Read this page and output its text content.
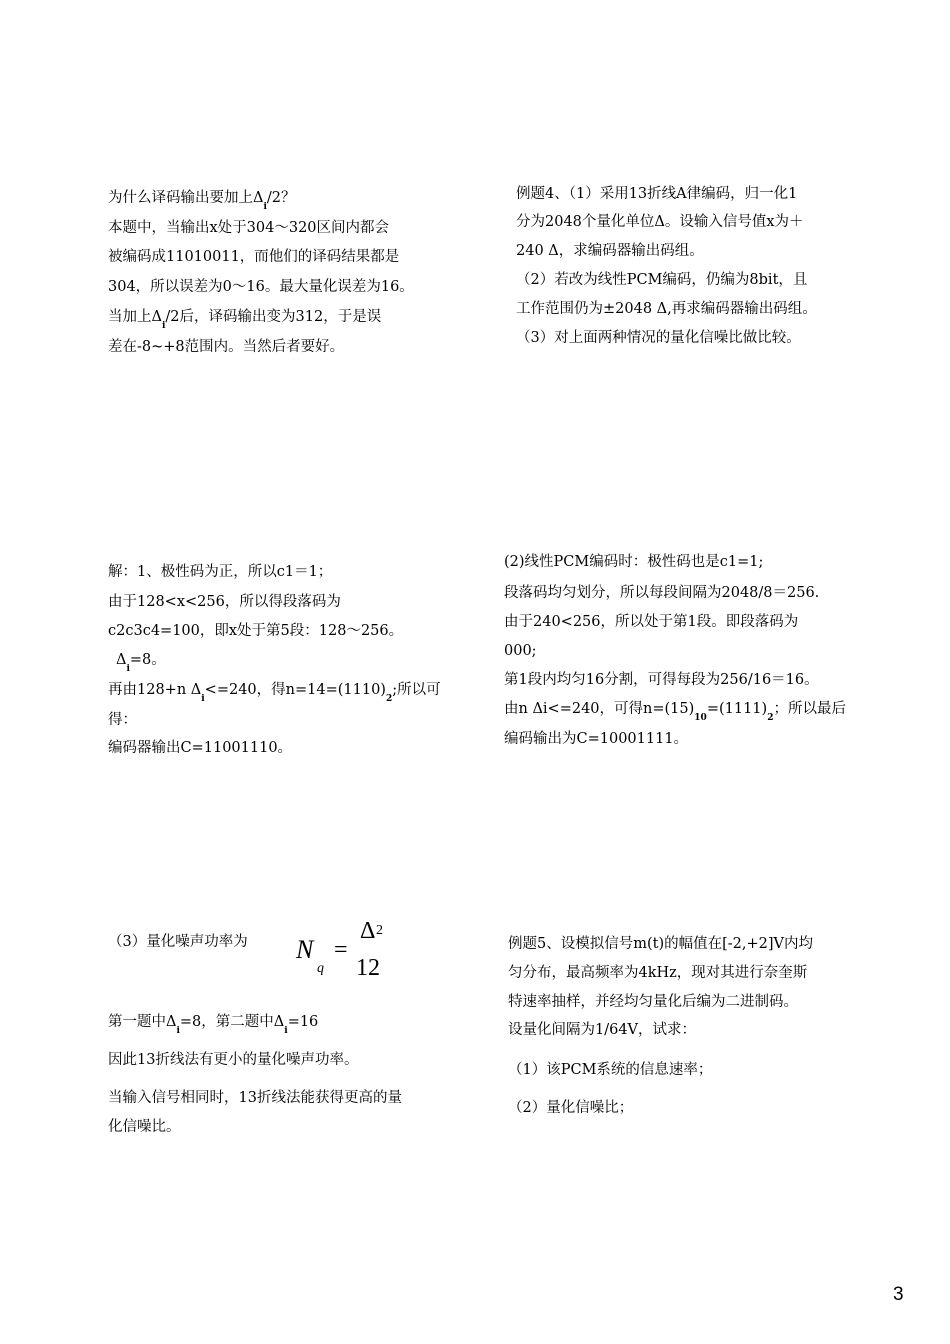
为什么译码输出要加上$\Delta_i/2$？
本题中，当输出x处于304～320区间内都会
被编码成11010011，而他们的译码结果都是
304，所以误差为0～16。最大量化误差为16。
当加上$\Delta_i/2$后，译码输出变为312，于是误
差在-8~+8范围内。当然后者要好。
例题4、（1）采用13折线A律编码，归一化1
分为2048个量化单位Δ。设输入信号值x为＋
240 Δ，求编码器输出码组。
（2）若改为线性PCM编码，仍编为8bit，且
工作范围仍为±2048 Δ,再求编码器输出码组。
（3）对上面两种情况的量化信噪比做比较。
解：1、极性码为正，所以c1＝1；
由于128<x<256，所以得段落码为
c2c3c4=100，即x处于第5段：128～256。
$\Delta_i=8$。
再由128+n $\Delta_i<=240$，得$n=14=(1110)_2$;所以可
得：
编码器输出C=11001110。
(2)线性PCM编码时：极性码也是c1=1;
段落码均匀划分，所以每段间隔为2048/8＝256.
由于240<256，所以处于第1段。即段落码为
000;
第1段内均匀16分割，可得每段为256/16＝16。
由n Δi<=240，可得$n=(15)_{10}=(1111)_2$；所以最后
编码输出为C=10001111。
（3）量化噪声功率为 N
q
=
Δ 2
12
第一题中$\Delta_i=8$，第二题中$\Delta_i=16$
因此13折线法有更小的量化噪声功率。
当输入信号相同时，13折线法能获得更高的量
化信噪比。
例题5、设模拟信号m(t)的幅值在[-2,+2]V内均
匀分布，最高频率为4kHz，现对其进行奈奎斯
特速率抽样，并经均匀量化后编为二进制码。
设量化间隔为1/64V，试求：
（1）该PCM系统的信息速率；
（2）量化信噪比；
3
